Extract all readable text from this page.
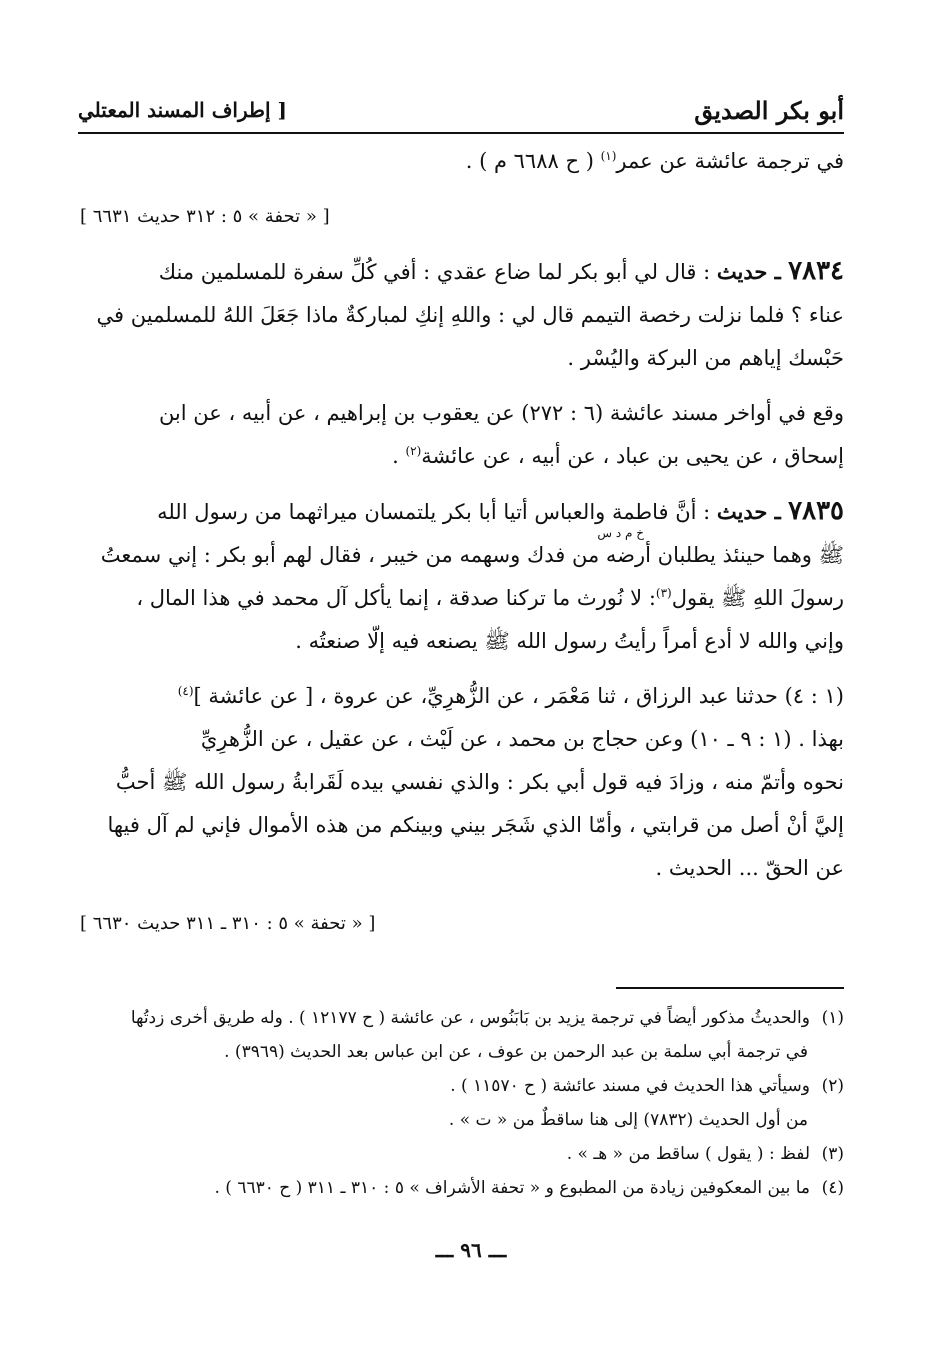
أبو بكر الصديق
[ إطراف المسند المعتلي
في ترجمة عائشة عن عمر$^{(١)}$ ( ح ٦٦٨٨ م ) .
[ « تحفة » ٥ : ٣١٢ حديث ٦٦٣١ ]
٧٨٣٤ ـ حديث : قال لي أبو بكر لما ضاع عقدي : أفي كُلِّ سفرة للمسلمين منك
عناء ؟ فلما نزلت رخصة التيمم قال لي : واللهِ إنكِ لمباركةٌ ماذا جَعَلَ اللهُ للمسلمين في
حَبْسك إياهم من البركة واليُسْر .
وقع في أواخر مسند عائشة (٦ : ٢٧٢) عن يعقوب بن إبراهيم ، عن أبيه ، عن ابن
إسحاق ، عن يحيى بن عباد ، عن أبيه ، عن عائشة$^{(٢)}$ .
٧٨٣٥ ـ حديث : أنَّ فاطمة والعباس أتيا أبا بكر يلتمسان ميراثهما من رسول الله
خ م د س
ﷺ وهما حينئذ يطلبان أرضه من فدك وسهمه من خيبر ، فقال لهم أبو بكر : إني سمعتُ
رسولَ اللهِ ﷺ يقول$^{(٣)}$: لا نُورث ما تركنا صدقة ، إنما يأكل آل محمد في هذا المال ،
وإني والله لا أدع أمراً رأيتُ رسول الله ﷺ يصنعه فيه إلّا صنعتُه .
(١ : ٤) حدثنا عبد الرزاق ، ثنا مَعْمَر ، عن الزُّهرِيِّ، عن عروة ، [ عن عائشة ]$^{(٤)}$
بهذا . (١ : ٩ ـ ١٠) وعن حجاج بن محمد ، عن لَيْث ، عن عقيل ، عن الزُّهرِيِّ
نحوه وأتمّ منه ، وزادَ فيه قول أبي بكر : والذي نفسي بيده لَقَرابةُ رسول الله ﷺ أحبُّ
إليَّ أنْ أصل من قرابتي ، وأمّا الذي شَجَر بيني وبينكم من هذه الأموال فإني لم آل فيها
عن الحقّ ... الحديث .
[ « تحفة » ٥ : ٣١٠ ـ ٣١١ حديث ٦٦٣٠ ]
(١)والحديثُ مذكور أيضاً في ترجمة يزيد بن بَابَنُوس ، عن عائشة ( ح ١٢١٧٧ ) . وله طريق أخرى زدتُها
في ترجمة أبي سلمة بن عبد الرحمن بن عوف ، عن ابن عباس بعد الحديث (٣٩٦٩) .
(٢)وسيأتي هذا الحديث في مسند عائشة ( ح ١١٥٧٠ ) .
من أول الحديث (٧٨٣٢) إلى هنا ساقطٌ من « ت » .
(٣)لفظ : ( يقول ) ساقط من « هـ » .
(٤)ما بين المعكوفين زيادة من المطبوع و « تحفة الأشراف » ٥ : ٣١٠ ـ ٣١١ ( ح ٦٦٣٠ ) .
ـــ ٩٦ ـــ
